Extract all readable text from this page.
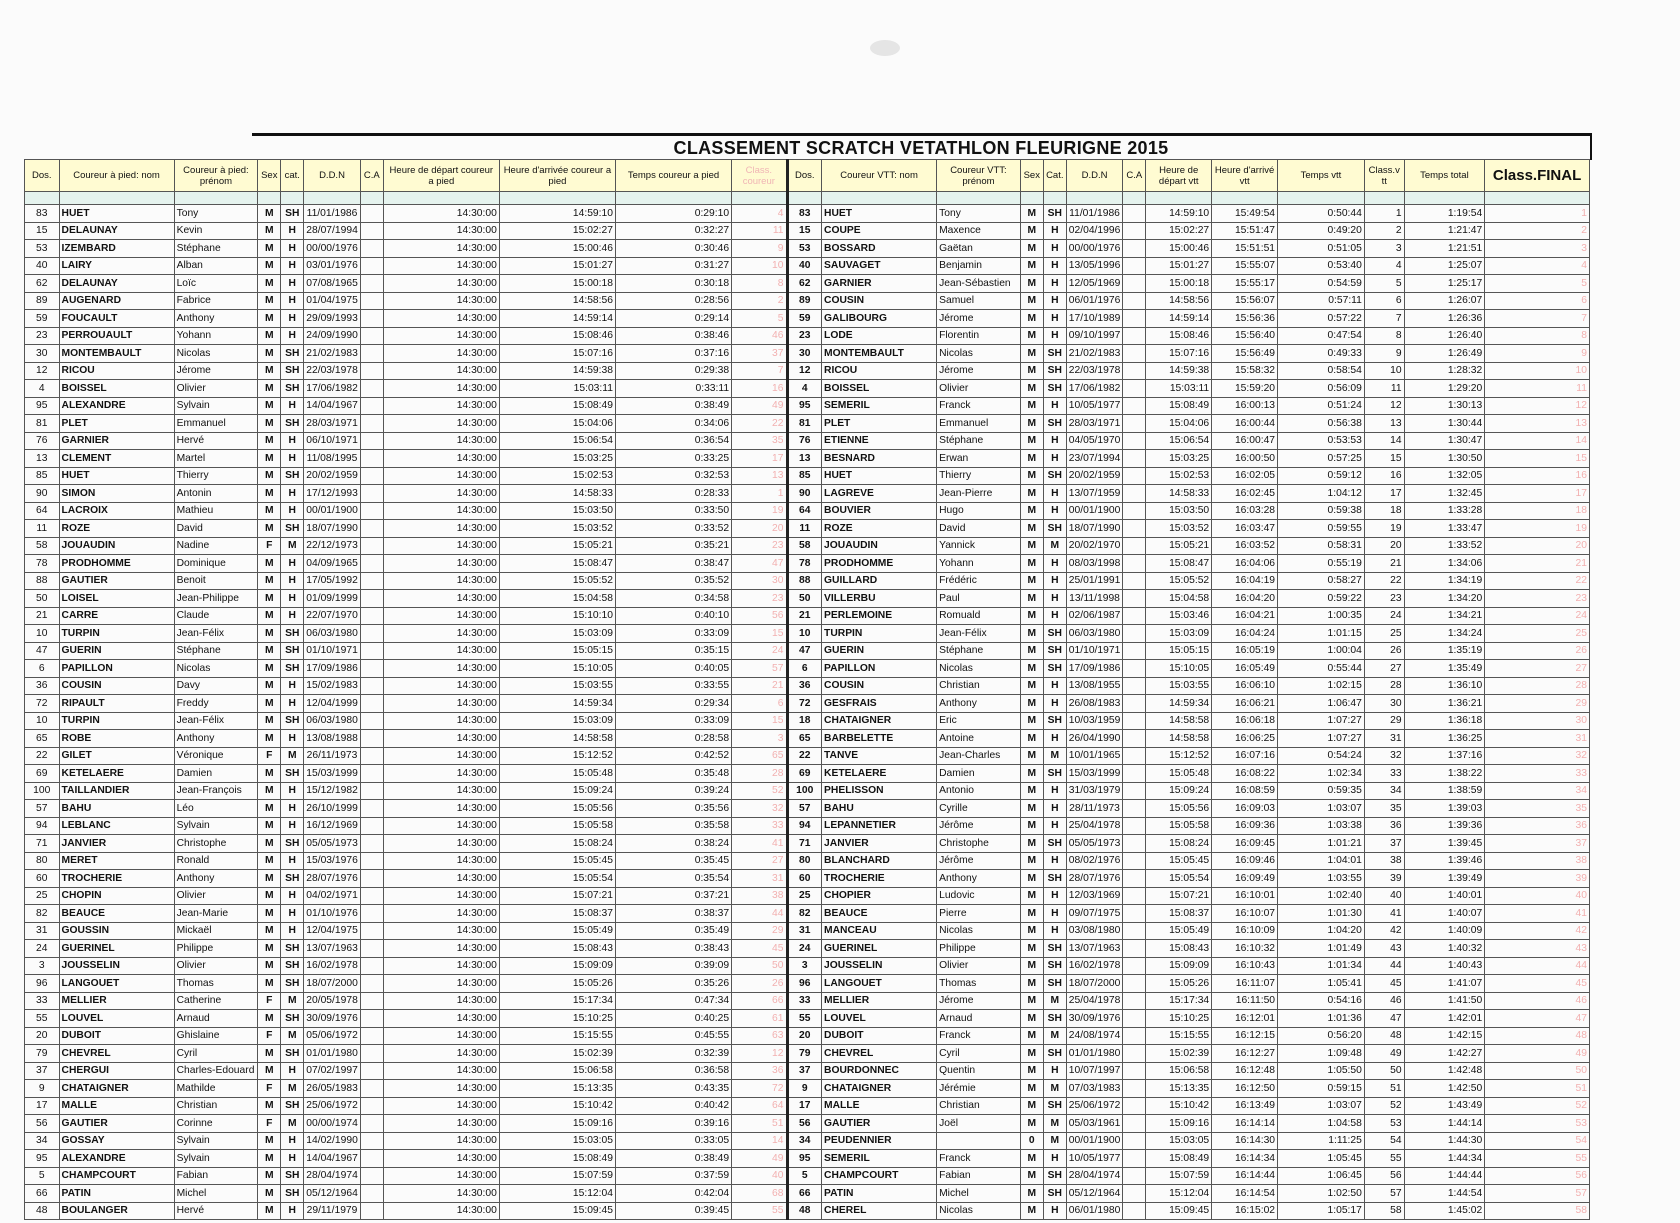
CLASSEMENT SCRATCH VETATHLON FLEURIGNE 2015
Dos.	Coureur à pied: nom	Coureur à pied: prénom	Sex	cat.	D.D.N	C.A	Heure de départ coureur a pied	Heure d'arrivée coureur a pied	Temps coureur a pied	Class. coureur	Dos.	Coureur VTT: nom	Coureur VTT: prénom	Sex	Cat.	D.D.N	C.A	Heure de départ vtt	Heure d'arrivé vtt	Temps vtt	Class.v tt	Temps total	Class.FINAL

83	HUET	Tony	M	SH	11/01/1986		14:30:00	14:59:10	0:29:10	4	83	HUET	Tony	M	SH	11/01/1986		14:59:10	15:49:54	0:50:44	1	1:19:54	1
15	DELAUNAY	Kevin	M	H	28/07/1994		14:30:00	15:02:27	0:32:27	11	15	COUPE	Maxence	M	H	02/04/1996		15:02:27	15:51:47	0:49:20	2	1:21:47	2
53	IZEMBARD	Stéphane	M	H	00/00/1976		14:30:00	15:00:46	0:30:46	9	53	BOSSARD	Gaëtan	M	H	00/00/1976		15:00:46	15:51:51	0:51:05	3	1:21:51	3
40	LAIRY	Alban	M	H	03/01/1976		14:30:00	15:01:27	0:31:27	10	40	SAUVAGET	Benjamin	M	H	13/05/1996		15:01:27	15:55:07	0:53:40	4	1:25:07	4
62	DELAUNAY	Loïc	M	H	07/08/1965		14:30:00	15:00:18	0:30:18	8	62	GARNIER	Jean-Sébastien	M	H	12/05/1969		15:00:18	15:55:17	0:54:59	5	1:25:17	5
89	AUGENARD	Fabrice	M	H	01/04/1975		14:30:00	14:58:56	0:28:56	2	89	COUSIN	Samuel	M	H	06/01/1976		14:58:56	15:56:07	0:57:11	6	1:26:07	6
59	FOUCAULT	Anthony	M	H	29/09/1993		14:30:00	14:59:14	0:29:14	5	59	GALIBOURG	Jérome	M	H	17/10/1989		14:59:14	15:56:36	0:57:22	7	1:26:36	7
23	PERROUAULT	Yohann	M	H	24/09/1990		14:30:00	15:08:46	0:38:46	46	23	LODE	Florentin	M	H	09/10/1997		15:08:46	15:56:40	0:47:54	8	1:26:40	8
30	MONTEMBAULT	Nicolas	M	SH	21/02/1983		14:30:00	15:07:16	0:37:16	37	30	MONTEMBAULT	Nicolas	M	SH	21/02/1983		15:07:16	15:56:49	0:49:33	9	1:26:49	9
12	RICOU	Jérome	M	SH	22/03/1978		14:30:00	14:59:38	0:29:38	7	12	RICOU	Jérome	M	SH	22/03/1978		14:59:38	15:58:32	0:58:54	10	1:28:32	10
4	BOISSEL	Olivier	M	SH	17/06/1982		14:30:00	15:03:11	0:33:11	16	4	BOISSEL	Olivier	M	SH	17/06/1982		15:03:11	15:59:20	0:56:09	11	1:29:20	11
95	ALEXANDRE	Sylvain	M	H	14/04/1967		14:30:00	15:08:49	0:38:49	49	95	SEMERIL	Franck	M	H	10/05/1977		15:08:49	16:00:13	0:51:24	12	1:30:13	12
81	PLET	Emmanuel	M	SH	28/03/1971		14:30:00	15:04:06	0:34:06	22	81	PLET	Emmanuel	M	SH	28/03/1971		15:04:06	16:00:44	0:56:38	13	1:30:44	13
76	GARNIER	Hervé	M	H	06/10/1971		14:30:00	15:06:54	0:36:54	35	76	ETIENNE	Stéphane	M	H	04/05/1970		15:06:54	16:00:47	0:53:53	14	1:30:47	14
13	CLEMENT	Martel	M	H	11/08/1995		14:30:00	15:03:25	0:33:25	17	13	BESNARD	Erwan	M	H	23/07/1994		15:03:25	16:00:50	0:57:25	15	1:30:50	15
85	HUET	Thierry	M	SH	20/02/1959		14:30:00	15:02:53	0:32:53	13	85	HUET	Thierry	M	SH	20/02/1959		15:02:53	16:02:05	0:59:12	16	1:32:05	16
90	SIMON	Antonin	M	H	17/12/1993		14:30:00	14:58:33	0:28:33	1	90	LAGREVE	Jean-Pierre	M	H	13/07/1959		14:58:33	16:02:45	1:04:12	17	1:32:45	17
64	LACROIX	Mathieu	M	H	00/01/1900		14:30:00	15:03:50	0:33:50	19	64	BOUVIER	Hugo	M	H	00/01/1900		15:03:50	16:03:28	0:59:38	18	1:33:28	18
11	ROZE	David	M	SH	18/07/1990		14:30:00	15:03:52	0:33:52	20	11	ROZE	David	M	SH	18/07/1990		15:03:52	16:03:47	0:59:55	19	1:33:47	19
58	JOUAUDIN	Nadine	F	M	22/12/1973		14:30:00	15:05:21	0:35:21	23	58	JOUAUDIN	Yannick	M	M	20/02/1970		15:05:21	16:03:52	0:58:31	20	1:33:52	20
78	PRODHOMME	Dominique	M	H	04/09/1965		14:30:00	15:08:47	0:38:47	47	78	PRODHOMME	Yohann	M	H	08/03/1998		15:08:47	16:04:06	0:55:19	21	1:34:06	21
88	GAUTIER	Benoit	M	H	17/05/1992		14:30:00	15:05:52	0:35:52	30	88	GUILLARD	Frédéric	M	H	25/01/1991		15:05:52	16:04:19	0:58:27	22	1:34:19	22
50	LOISEL	Jean-Philippe	M	H	01/09/1999		14:30:00	15:04:58	0:34:58	23	50	VILLERBU	Paul	M	H	13/11/1998		15:04:58	16:04:20	0:59:22	23	1:34:20	23
21	CARRE	Claude	M	H	22/07/1970		14:30:00	15:10:10	0:40:10	56	21	PERLEMOINE	Romuald	M	H	02/06/1987		15:03:46	16:04:21	1:00:35	24	1:34:21	24
10	TURPIN	Jean-Félix	M	SH	06/03/1980		14:30:00	15:03:09	0:33:09	15	10	TURPIN	Jean-Félix	M	SH	06/03/1980		15:03:09	16:04:24	1:01:15	25	1:34:24	25
47	GUERIN	Stéphane	M	SH	01/10/1971		14:30:00	15:05:15	0:35:15	24	47	GUERIN	Stéphane	M	SH	01/10/1971		15:05:15	16:05:19	1:00:04	26	1:35:19	26
6	PAPILLON	Nicolas	M	SH	17/09/1986		14:30:00	15:10:05	0:40:05	57	6	PAPILLON	Nicolas	M	SH	17/09/1986		15:10:05	16:05:49	0:55:44	27	1:35:49	27
36	COUSIN	Davy	M	H	15/02/1983		14:30:00	15:03:55	0:33:55	21	36	COUSIN	Christian	M	H	13/08/1955		15:03:55	16:06:10	1:02:15	28	1:36:10	28
72	RIPAULT	Freddy	M	H	12/04/1999		14:30:00	14:59:34	0:29:34	6	72	GESFRAIS	Anthony	M	H	26/08/1983		14:59:34	16:06:21	1:06:47	30	1:36:21	29
10	TURPIN	Jean-Félix	M	SH	06/03/1980		14:30:00	15:03:09	0:33:09	15	18	CHATAIGNER	Eric	M	SH	10/03/1959		14:58:58	16:06:18	1:07:27	29	1:36:18	30
65	ROBE	Anthony	M	H	13/08/1988		14:30:00	14:58:58	0:28:58	3	65	BARBELETTE	Antoine	M	H	26/04/1990		14:58:58	16:06:25	1:07:27	31	1:36:25	31
22	GILET	Véronique	F	M	26/11/1973		14:30:00	15:12:52	0:42:52	65	22	TANVE	Jean-Charles	M	M	10/01/1965		15:12:52	16:07:16	0:54:24	32	1:37:16	32
69	KETELAERE	Damien	M	SH	15/03/1999		14:30:00	15:05:48	0:35:48	28	69	KETELAERE	Damien	M	SH	15/03/1999		15:05:48	16:08:22	1:02:34	33	1:38:22	33
100	TAILLANDIER	Jean-François	M	H	15/12/1982		14:30:00	15:09:24	0:39:24	52	100	PHELISSON	Antonio	M	H	31/03/1979		15:09:24	16:08:59	0:59:35	34	1:38:59	34
57	BAHU	Léo	M	H	26/10/1999		14:30:00	15:05:56	0:35:56	32	57	BAHU	Cyrille	M	H	28/11/1973		15:05:56	16:09:03	1:03:07	35	1:39:03	35
94	LEBLANC	Sylvain	M	H	16/12/1969		14:30:00	15:05:58	0:35:58	33	94	LEPANNETIER	Jérôme	M	H	25/04/1978		15:05:58	16:09:36	1:03:38	36	1:39:36	36
71	JANVIER	Christophe	M	SH	05/05/1973		14:30:00	15:08:24	0:38:24	41	71	JANVIER	Christophe	M	SH	05/05/1973		15:08:24	16:09:45	1:01:21	37	1:39:45	37
80	MERET	Ronald	M	H	15/03/1976		14:30:00	15:05:45	0:35:45	27	80	BLANCHARD	Jérôme	M	H	08/02/1976		15:05:45	16:09:46	1:04:01	38	1:39:46	38
60	TROCHERIE	Anthony	M	SH	28/07/1976		14:30:00	15:05:54	0:35:54	31	60	TROCHERIE	Anthony	M	SH	28/07/1976		15:05:54	16:09:49	1:03:55	39	1:39:49	39
25	CHOPIN	Olivier	M	H	04/02/1971		14:30:00	15:07:21	0:37:21	38	25	CHOPIER	Ludovic	M	H	12/03/1969		15:07:21	16:10:01	1:02:40	40	1:40:01	40
82	BEAUCE	Jean-Marie	M	H	01/10/1976		14:30:00	15:08:37	0:38:37	44	82	BEAUCE	Pierre	M	H	09/07/1975		15:08:37	16:10:07	1:01:30	41	1:40:07	41
31	GOUSSIN	Mickaël	M	H	12/04/1975		14:30:00	15:05:49	0:35:49	29	31	MANCEAU	Nicolas	M	H	03/08/1980		15:05:49	16:10:09	1:04:20	42	1:40:09	42
24	GUERINEL	Philippe	M	SH	13/07/1963		14:30:00	15:08:43	0:38:43	45	24	GUERINEL	Philippe	M	SH	13/07/1963		15:08:43	16:10:32	1:01:49	43	1:40:32	43
3	JOUSSELIN	Olivier	M	SH	16/02/1978		14:30:00	15:09:09	0:39:09	50	3	JOUSSELIN	Olivier	M	SH	16/02/1978		15:09:09	16:10:43	1:01:34	44	1:40:43	44
96	LANGOUET	Thomas	M	SH	18/07/2000		14:30:00	15:05:26	0:35:26	26	96	LANGOUET	Thomas	M	SH	18/07/2000		15:05:26	16:11:07	1:05:41	45	1:41:07	45
33	MELLIER	Catherine	F	M	20/05/1978		14:30:00	15:17:34	0:47:34	66	33	MELLIER	Jérome	M	M	25/04/1978		15:17:34	16:11:50	0:54:16	46	1:41:50	46
55	LOUVEL	Arnaud	M	SH	30/09/1976		14:30:00	15:10:25	0:40:25	61	55	LOUVEL	Arnaud	M	SH	30/09/1976		15:10:25	16:12:01	1:01:36	47	1:42:01	47
20	DUBOIT	Ghislaine	F	M	05/06/1972		14:30:00	15:15:55	0:45:55	63	20	DUBOIT	Franck	M	M	24/08/1974		15:15:55	16:12:15	0:56:20	48	1:42:15	48
79	CHEVREL	Cyril	M	SH	01/01/1980		14:30:00	15:02:39	0:32:39	12	79	CHEVREL	Cyril	M	SH	01/01/1980		15:02:39	16:12:27	1:09:48	49	1:42:27	49
37	CHERGUI	Charles-Edouard	M	H	07/02/1997		14:30:00	15:06:58	0:36:58	36	37	BOURDONNEC	Quentin	M	H	10/07/1997		15:06:58	16:12:48	1:05:50	50	1:42:48	50
9	CHATAIGNER	Mathilde	F	M	26/05/1983		14:30:00	15:13:35	0:43:35	72	9	CHATAIGNER	Jérémie	M	M	07/03/1983		15:13:35	16:12:50	0:59:15	51	1:42:50	51
17	MALLE	Christian	M	SH	25/06/1972		14:30:00	15:10:42	0:40:42	64	17	MALLE	Christian	M	SH	25/06/1972		15:10:42	16:13:49	1:03:07	52	1:43:49	52
56	GAUTIER	Corinne	F	M	00/00/1974		14:30:00	15:09:16	0:39:16	51	56	GAUTIER	Joël	M	M	05/03/1961		15:09:16	16:14:14	1:04:58	53	1:44:14	53
34	GOSSAY	Sylvain	M	H	14/02/1990		14:30:00	15:03:05	0:33:05	14	34	PEUDENNIER		0	M	00/01/1900		15:03:05	16:14:30	1:11:25	54	1:44:30	54
95	ALEXANDRE	Sylvain	M	H	14/04/1967		14:30:00	15:08:49	0:38:49	49	95	SEMERIL	Franck	M	H	10/05/1977		15:08:49	16:14:34	1:05:45	55	1:44:34	55
5	CHAMPCOURT	Fabian	M	SH	28/04/1974		14:30:00	15:07:59	0:37:59	40	5	CHAMPCOURT	Fabian	M	SH	28/04/1974		15:07:59	16:14:44	1:06:45	56	1:44:44	56
66	PATIN	Michel	M	SH	05/12/1964		14:30:00	15:12:04	0:42:04	68	66	PATIN	Michel	M	SH	05/12/1964		15:12:04	16:14:54	1:02:50	57	1:44:54	57
48	BOULANGER	Hervé	M	H	29/11/1979		14:30:00	15:09:45	0:39:45	55	48	CHEREL	Nicolas	M	H	06/01/1980		15:09:45	16:15:02	1:05:17	58	1:45:02	58
